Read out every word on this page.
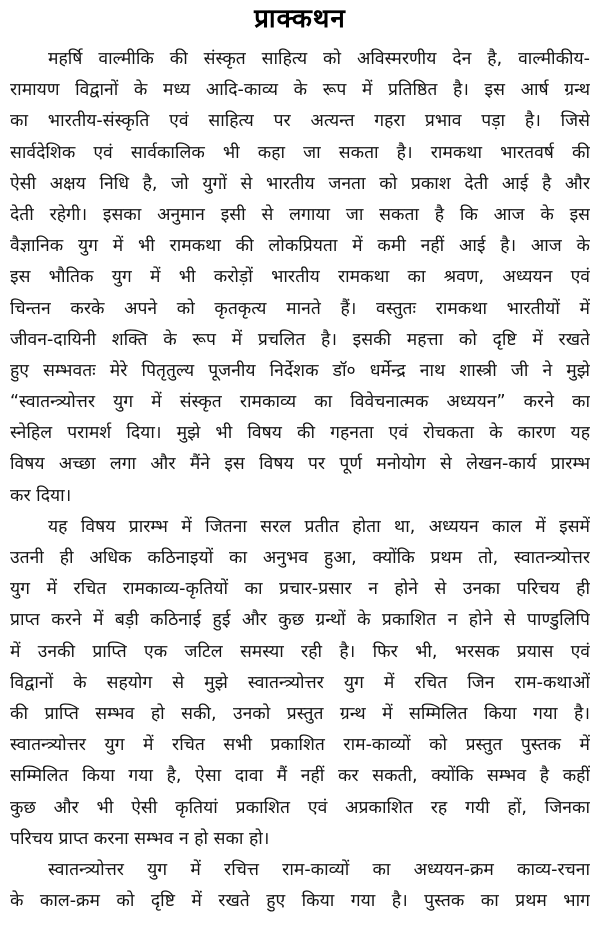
प्राक्कथन
महर्षि वाल्मीकि की संस्कृत साहित्य को अविस्मरणीय देन है, वाल्मीकीय-
रामायण विद्वानों के मध्य आदि-काव्य के रूप में प्रतिष्ठित है। इस आर्ष ग्रन्थ
का भारतीय-संस्कृति एवं साहित्य पर अत्यन्त गहरा प्रभाव पड़ा है। जिसे
सार्वदेशिक एवं सार्वकालिक भी कहा जा सकता है। रामकथा भारतवर्ष की
ऐसी अक्षय निधि है, जो युगों से भारतीय जनता को प्रकाश देती आई है और
देती रहेगी। इसका अनुमान इसी से लगाया जा सकता है कि आज के इस
वैज्ञानिक युग में भी रामकथा की लोकप्रियता में कमी नहीं आई है। आज के
इस भौतिक युग में भी करोड़ों भारतीय रामकथा का श्रवण, अध्ययन एवं
चिन्तन करके अपने को कृतकृत्य मानते हैं। वस्तुतः रामकथा भारतीयों में
जीवन-दायिनी शक्ति के रूप में प्रचलित है। इसकी महत्ता को दृष्टि में रखते
हुए सम्भवतः मेरे पितृतुल्य पूजनीय निर्देशक डॉ० धर्मेन्द्र नाथ शास्त्री जी ने मुझे
“स्वातन्त्र्योत्तर युग में संस्कृत रामकाव्य का विवेचनात्मक अध्ययन” करने का
स्नेहिल परामर्श दिया। मुझे भी विषय की गहनता एवं रोचकता के कारण यह
विषय अच्छा लगा और मैंने इस विषय पर पूर्ण मनोयोग से लेखन-कार्य प्रारम्भ
कर दिया।
यह विषय प्रारम्भ में जितना सरल प्रतीत होता था, अध्ययन काल में इसमें
उतनी ही अधिक कठिनाइयों का अनुभव हुआ, क्योंकि प्रथम तो, स्वातन्त्र्योत्तर
युग में रचित रामकाव्य-कृतियों का प्रचार-प्रसार न होने से उनका परिचय ही
प्राप्त करने में बड़ी कठिनाई हुई और कुछ ग्रन्थों के प्रकाशित न होने से पाण्डुलिपि
में उनकी प्राप्ति एक जटिल समस्या रही है। फिर भी, भरसक प्रयास एवं
विद्वानों के सहयोग से मुझे स्वातन्त्र्योत्तर युग में रचित जिन राम-कथाओं
की प्राप्ति सम्भव हो सकी, उनको प्रस्तुत ग्रन्थ में सम्मिलित किया गया है।
स्वातन्त्र्योत्तर युग में रचित सभी प्रकाशित राम-काव्यों को प्रस्तुत पुस्तक में
सम्मिलित किया गया है, ऐसा दावा मैं नहीं कर सकती, क्योंकि सम्भव है कहीं
कुछ और भी ऐसी कृतियां प्रकाशित एवं अप्रकाशित रह गयी हों, जिनका
परिचय प्राप्त करना सम्भव न हो सका हो।
स्वातन्त्र्योत्तर युग में रचित्त राम-काव्यों का अध्ययन-क्रम काव्य-रचना
के काल-क्रम को दृष्टि में रखते हुए किया गया है। पुस्तक का प्रथम भाग
